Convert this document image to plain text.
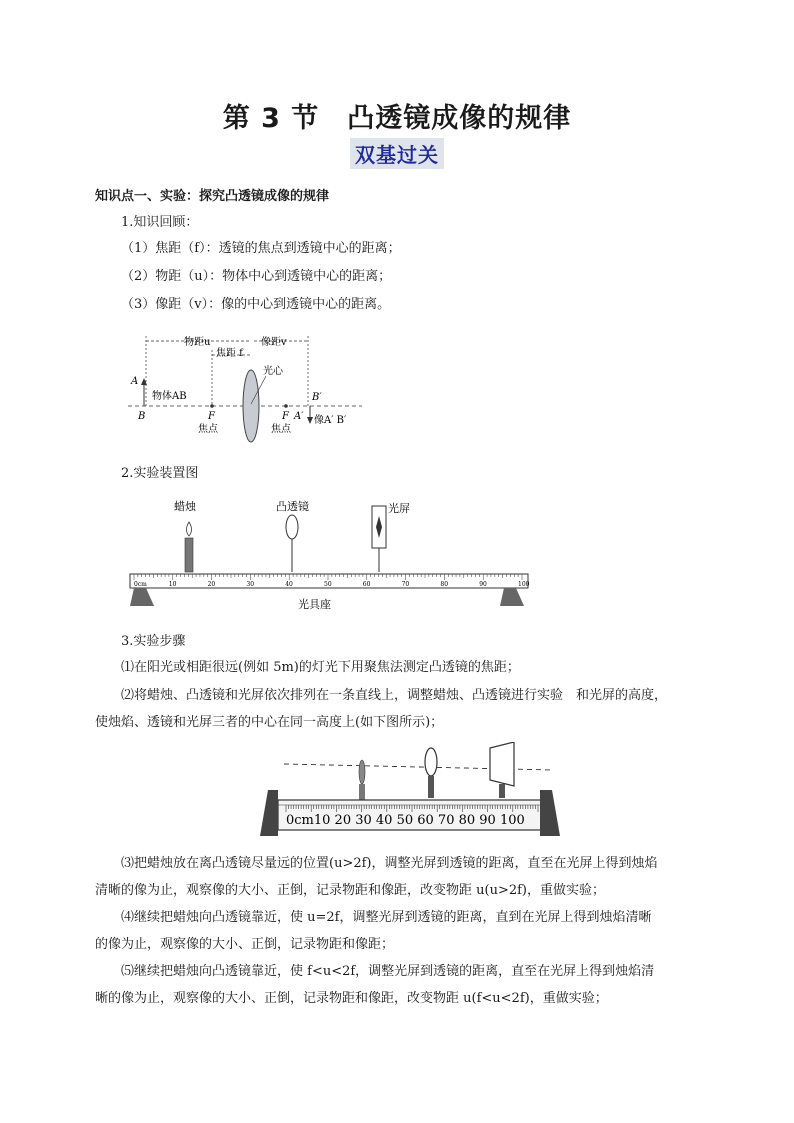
第 3 节　凸透镜成像的规律
双基过关
知识点一、实验：探究凸透镜成像的规律
1.知识回顾：
（1）焦距（f）：透镜的焦点到透镜中心的距离；
（2）物距（u）：物体中心到透镜中心的距离；
（3）像距（v）：像的中心到透镜中心的距离。
物距u	像距v
焦距 f
光心
A
B
物体AB
F	F
焦点	焦点
B′
A′ 像A′ B′
2.实验装置图
蜡烛	凸透镜	光屏
0cm	10	20	30	40	50	60	70	80	90	100
光具座
3.实验步骤
⑴在阳光或相距很远(例如 5m)的灯光下用聚焦法测定凸透镜的焦距；
⑵将蜡烛、凸透镜和光屏依次排列在一条直线上，调整蜡烛、凸透镜进行实验　和光屏的高度，
使烛焰、透镜和光屏三者的中心在同一高度上(如下图所示)；
0cm10 20 30 40 50 60 70 80 90 100
⑶把蜡烛放在离凸透镜尽量远的位置(u>2f)，调整光屏到透镜的距离，直至在光屏上得到烛焰
清晰的像为止，观察像的大小、正倒，记录物距和像距，改变物距 u(u>2f)，重做实验；
⑷继续把蜡烛向凸透镜靠近，使 u=2f，调整光屏到透镜的距离，直到在光屏上得到烛焰清晰
的像为止，观察像的大小、正倒，记录物距和像距；
⑸继续把蜡烛向凸透镜靠近，使 f<u<2f，调整光屏到透镜的距离，直至在光屏上得到烛焰清
晰的像为止，观察像的大小、正倒，记录物距和像距，改变物距 u(f<u<2f)，重做实验；
